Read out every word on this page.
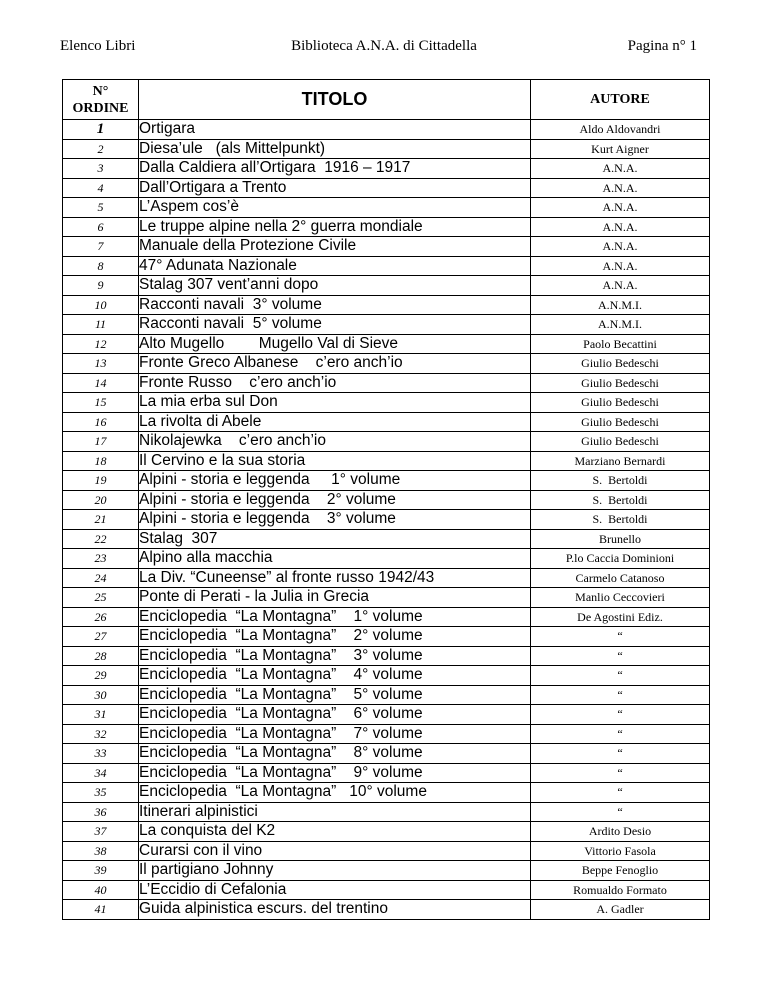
Elenco Libri	Biblioteca A.N.A. di Cittadella	Pagina n° 1
N° ORDINE	TITOLO	AUTORE
1	Ortigara	Aldo Aldovandri
2	Diesa’ule   (als Mittelpunkt)	Kurt Aigner
3	Dalla Caldiera all’Ortigara  1916 – 1917	A.N.A.
4	Dall’Ortigara a Trento	A.N.A.
5	L’Aspem cos’è	A.N.A.
6	Le truppe alpine nella 2° guerra mondiale	A.N.A.
7	Manuale della Protezione Civile	A.N.A.
8	47° Adunata Nazionale	A.N.A.
9	Stalag 307 vent’anni dopo	A.N.A.
10	Racconti navali  3° volume	A.N.M.I.
11	Racconti navali  5° volume	A.N.M.I.
12	Alto Mugello        Mugello Val di Sieve	Paolo Becattini
13	Fronte Greco Albanese    c’ero anch’io	Giulio Bedeschi
14	Fronte Russo    c’ero anch’io	Giulio Bedeschi
15	La mia erba sul Don	Giulio Bedeschi
16	La rivolta di Abele	Giulio Bedeschi
17	Nikolajewka    c’ero anch’io	Giulio Bedeschi
18	Il Cervino e la sua storia	Marziano Bernardi
19	Alpini - storia e leggenda     1° volume	S.  Bertoldi
20	Alpini - storia e leggenda    2° volume	S.  Bertoldi
21	Alpini - storia e leggenda    3° volume	S.  Bertoldi
22	Stalag  307	Brunello
23	Alpino alla macchia	P.lo Caccia Dominioni
24	La Div. “Cuneense” al fronte russo 1942/43	Carmelo Catanoso
25	Ponte di Perati - la Julia in Grecia	Manlio Ceccovieri
26	Enciclopedia  “La Montagna”    1° volume	De Agostini Ediz.
27	Enciclopedia  “La Montagna”    2° volume	“
28	Enciclopedia  “La Montagna”    3° volume	“
29	Enciclopedia  “La Montagna”    4° volume	“
30	Enciclopedia  “La Montagna”    5° volume	“
31	Enciclopedia  “La Montagna”    6° volume	“
32	Enciclopedia  “La Montagna”    7° volume	“
33	Enciclopedia  “La Montagna”    8° volume	“
34	Enciclopedia  “La Montagna”    9° volume	“
35	Enciclopedia  “La Montagna”   10° volume	“
36	Itinerari alpinistici	“
37	La conquista del K2	Ardito Desio
38	Curarsi con il vino	Vittorio Fasola
39	Il partigiano Johnny	Beppe Fenoglio
40	L’Eccidio di Cefalonia	Romualdo Formato
41	Guida alpinistica escurs. del trentino	A. Gadler
